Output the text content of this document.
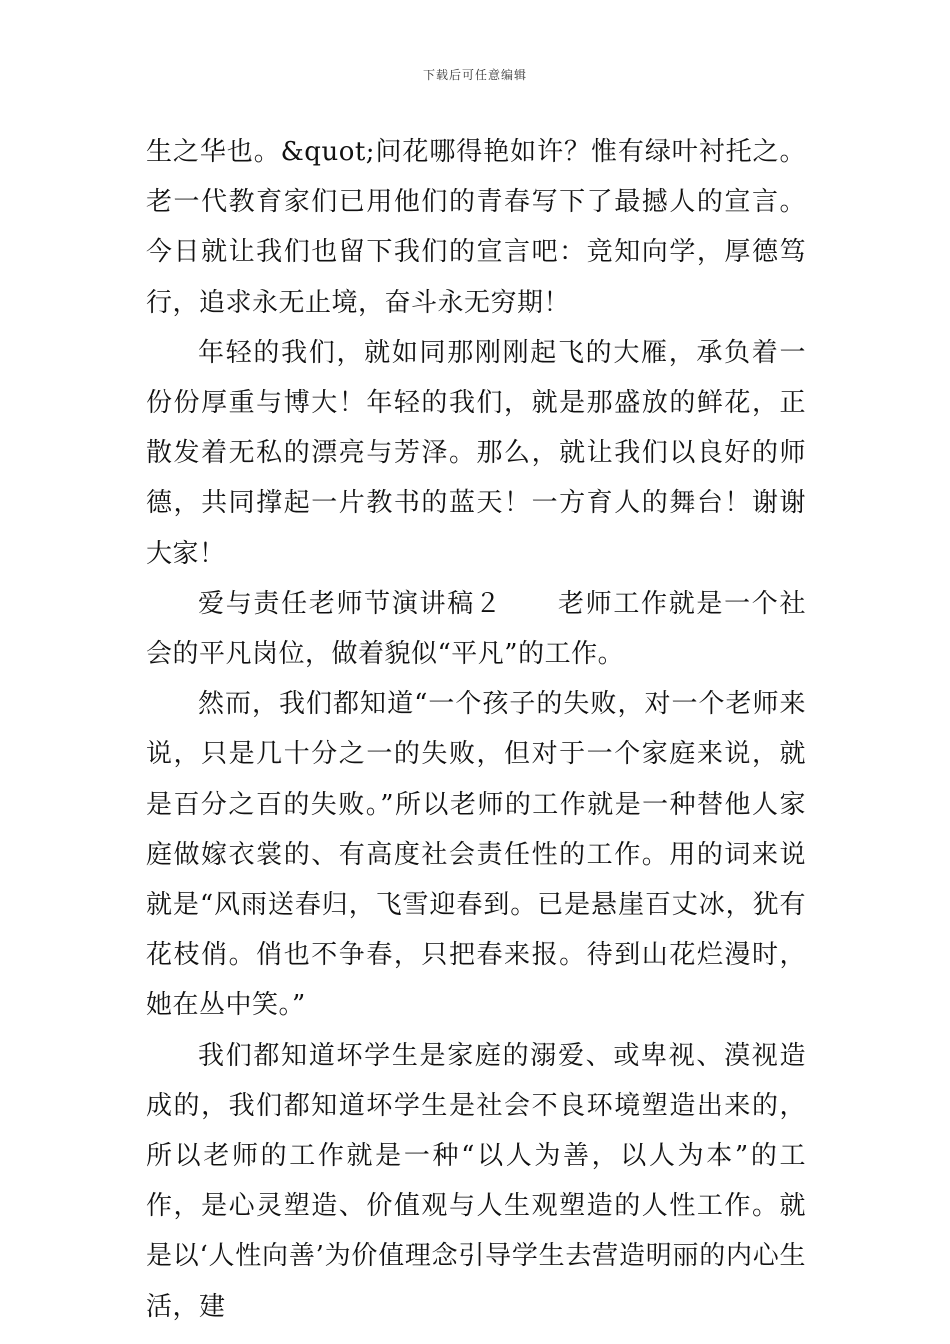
下载后可任意编辑

生之华也。&quot;问花哪得艳如许？惟有绿叶衬托之。老一代教育家们已用他们的青春写下了最撼人的宣言。今日就让我们也留下我们的宣言吧：竞知向学，厚德笃行，追求永无止境，奋斗永无穷期！

年轻的我们，就如同那刚刚起飞的大雁，承负着一份份厚重与博大！年轻的我们，就是那盛放的鲜花，正散发着无私的漂亮与芳泽。那么，就让我们以良好的师德，共同撑起一片教书的蓝天！一方育人的舞台！谢谢大家！

爱与责任老师节演讲稿２　　老师工作就是一个社会的平凡岗位，做着貌似“平凡”的工作。

然而，我们都知道“一个孩子的失败，对一个老师来说，只是几十分之一的失败，但对于一个家庭来说，就是百分之百的失败。”所以老师的工作就是一种替他人家庭做嫁衣裳的、有高度社会责任性的工作。用的词来说就是“风雨送春归，飞雪迎春到。已是悬崖百丈冰，犹有花枝俏。俏也不争春，只把春来报。待到山花烂漫时，她在丛中笑。”

我们都知道坏学生是家庭的溺爱、或卑视、漠视造成的，我们都知道坏学生是社会不良环境塑造出来的，所以老师的工作就是一种“以人为善，以人为本”的工作，是心灵塑造、价值观与人生观塑造的人性工作。就是以‘人性向善’为价值理念引导学生去营造明丽的内心生活，建
